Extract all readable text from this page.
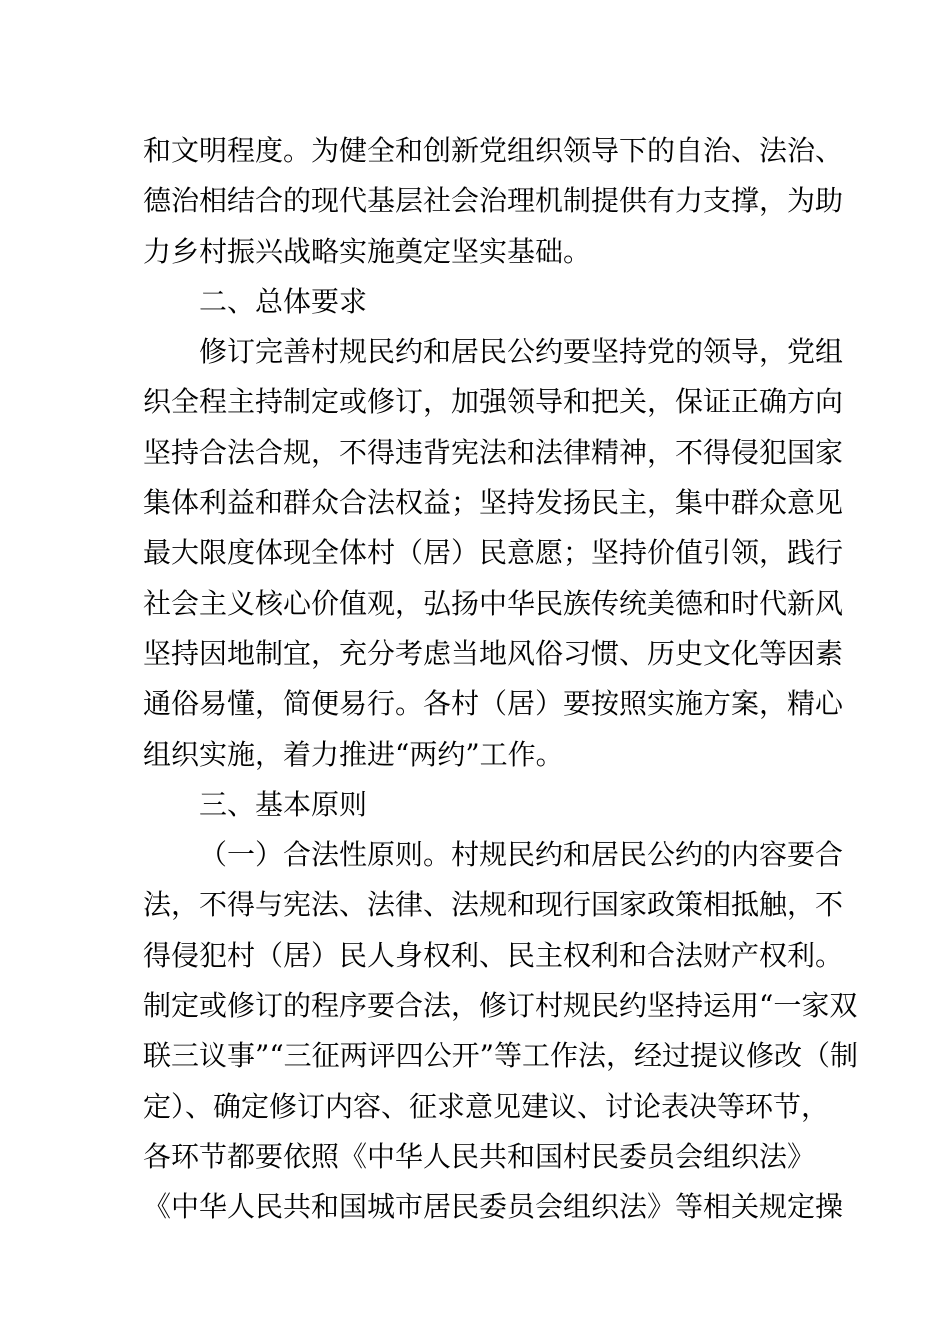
和文明程度。为健全和创新党组织领导下的自治、法治、
德治相结合的现代基层社会治理机制提供有力支撑，为助
力乡村振兴战略实施奠定坚实基础。
二、总体要求
修订完善村规民约和居民公约要坚持党的领导，党组
织全程主持制定或修订，加强领导和把关，保证正确方向
坚持合法合规，不得违背宪法和法律精神，不得侵犯国家
集体利益和群众合法权益；坚持发扬民主，集中群众意见
最大限度体现全体村（居）民意愿；坚持价值引领，践行
社会主义核心价值观，弘扬中华民族传统美德和时代新风
坚持因地制宜，充分考虑当地风俗习惯、历史文化等因素
通俗易懂，简便易行。各村（居）要按照实施方案，精心
组织实施，着力推进“两约”工作。
三、基本原则
（一）合法性原则。村规民约和居民公约的内容要合
法，不得与宪法、法律、法规和现行国家政策相抵触，不
得侵犯村（居）民人身权利、民主权利和合法财产权利。
制定或修订的程序要合法，修订村规民约坚持运用“一家双
联三议事”“三征两评四公开”等工作法，经过提议修改（制
定）、确定修订内容、征求意见建议、讨论表决等环节，
各环节都要依照《中华人民共和国村民委员会组织法》
《中华人民共和国城市居民委员会组织法》等相关规定操
